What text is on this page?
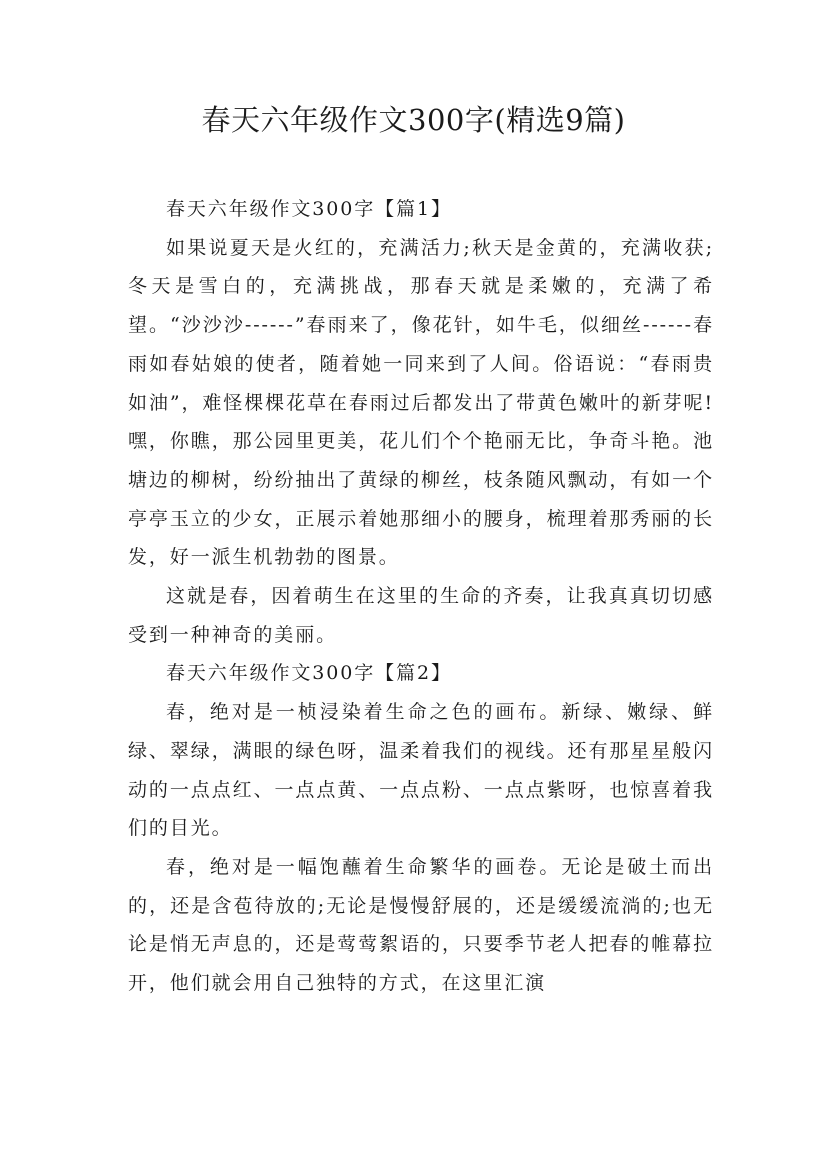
春天六年级作文300字(精选9篇)
春天六年级作文300字【篇1】

如果说夏天是火红的，充满活力;秋天是金黄的，充满收获;冬天是雪白的，充满挑战，那春天就是柔嫩的，充满了希望。“沙沙沙------”春雨来了，像花针，如牛毛，似细丝------春雨如春姑娘的使者，随着她一同来到了人间。俗语说：“春雨贵如油”，难怪棵棵花草在春雨过后都发出了带黄色嫩叶的新芽呢!嘿，你瞧，那公园里更美，花儿们个个艳丽无比，争奇斗艳。池塘边的柳树，纷纷抽出了黄绿的柳丝，枝条随风飘动，有如一个亭亭玉立的少女，正展示着她那细小的腰身，梳理着那秀丽的长发，好一派生机勃勃的图景。

这就是春，因着萌生在这里的生命的齐奏，让我真真切切感受到一种神奇的美丽。

春天六年级作文300字【篇2】

春，绝对是一桢浸染着生命之色的画布。新绿、嫩绿、鲜绿、翠绿，满眼的绿色呀，温柔着我们的视线。还有那星星般闪动的一点点红、一点点黄、一点点粉、一点点紫呀，也惊喜着我们的目光。

春，绝对是一幅饱蘸着生命繁华的画卷。无论是破土而出的，还是含苞待放的;无论是慢慢舒展的，还是缓缓流淌的;也无论是悄无声息的，还是莺莺絮语的，只要季节老人把春的帷幕拉开，他们就会用自己独特的方式，在这里汇演
